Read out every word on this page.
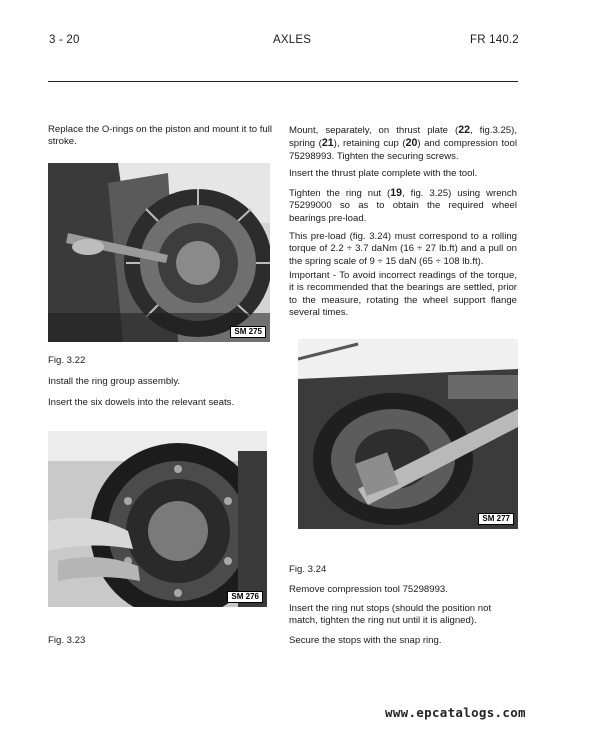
3 - 20	AXLES	FR 140.2

Replace the O-rings on the piston and mount it to full stroke.

SM 275

Fig. 3.22

Install the ring group assembly.

Insert the six dowels into the relevant seats.

SM 276

Fig. 3.23

Mount, separately, on thrust plate (22, fig.3.25), spring (21), retaining cup (20) and compression tool 75298993. Tighten the securing screws.

Insert the thrust plate complete with the tool.

Tighten the ring nut (19, fig. 3.25) using wrench 75299000 so as to obtain the required wheel bearings pre-load.

This pre-load (fig. 3.24) must correspond to a rolling torque of 2.2 ÷ 3.7 daNm (16 ÷ 27 lb.ft) and a pull on the spring scale of 9 ÷ 15 daN (65 ÷ 108 lb.ft).

Important - To avoid incorrect readings of the torque, it is recommended that the bearings are settled, prior to the measure, rotating the wheel support flange several times.

SM 277

Fig. 3.24

Remove compression tool 75298993.

Insert the ring nut stops (should the position not match, tighten the ring nut until it is aligned).

Secure the stops with the snap ring.

www.epcatalogs.com
